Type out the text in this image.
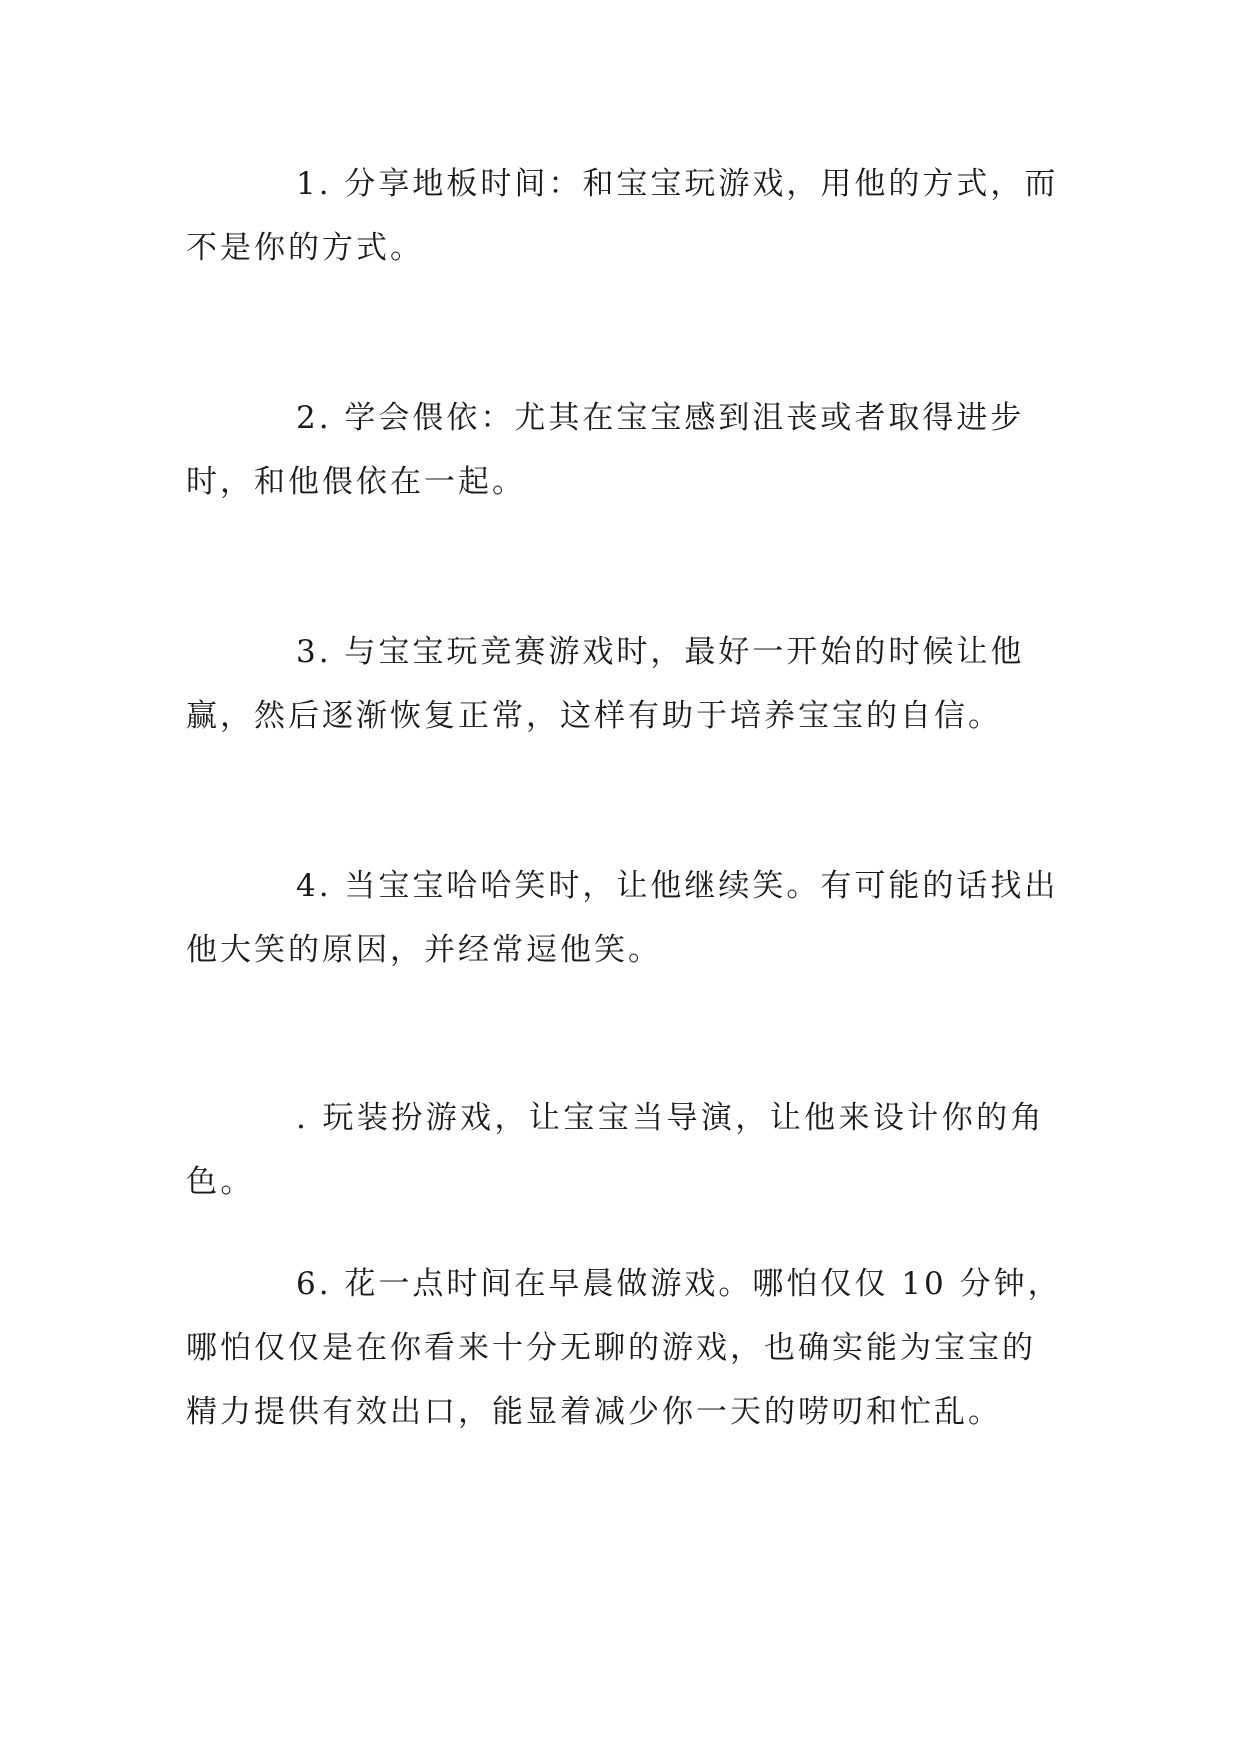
1. 分享地板时间：和宝宝玩游戏，用他的方式，而不是你的方式。

2. 学会偎依：尤其在宝宝感到沮丧或者取得进步时，和他偎依在一起。

3. 与宝宝玩竞赛游戏时，最好一开始的时候让他赢，然后逐渐恢复正常，这样有助于培养宝宝的自信。

4. 当宝宝哈哈笑时，让他继续笑。有可能的话找出他大笑的原因，并经常逗他笑。

. 玩装扮游戏，让宝宝当导演，让他来设计你的角色。

6. 花一点时间在早晨做游戏。哪怕仅仅 10 分钟，哪怕仅仅是在你看来十分无聊的游戏，也确实能为宝宝的精力提供有效出口，能显着减少你一天的唠叨和忙乱。
